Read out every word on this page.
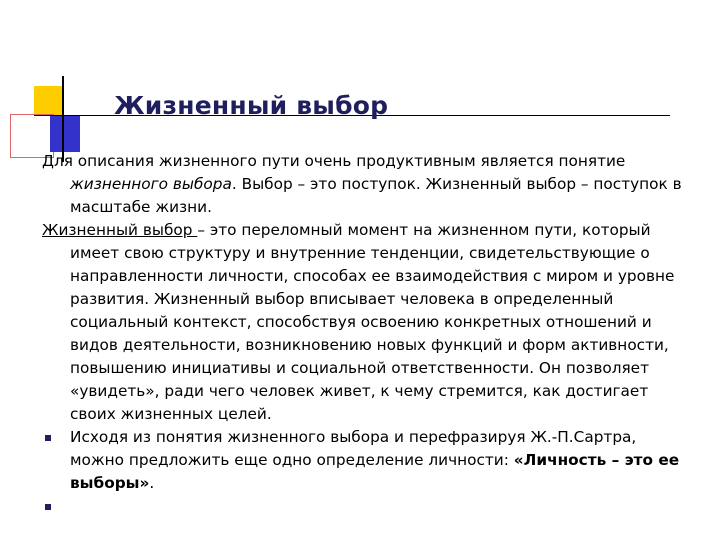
Жизненный выбор

Для описания жизненного пути очень продуктивным является понятие жизненного выбора. Выбор – это поступок. Жизненный выбор – поступок в масштабе жизни.

Жизненный выбор – это переломный момент на жизненном пути, который имеет свою структуру и внутренние тенденции, свидетельствующие о направленности личности, способах ее взаимодействия с миром и уровне развития. Жизненный выбор вписывает человека в определенный социальный контекст, способствуя освоению конкретных отношений и видов деятельности, возникновению новых функций и форм активности, повышению инициативы и социальной ответственности. Он позволяет «увидеть», ради чего человек живет, к чему стремится, как достигает своих жизненных целей.

Исходя из понятия жизненного выбора и перефразируя Ж.-П.Сартра, можно предложить еще одно определение личности: «Личность – это ее выборы».
